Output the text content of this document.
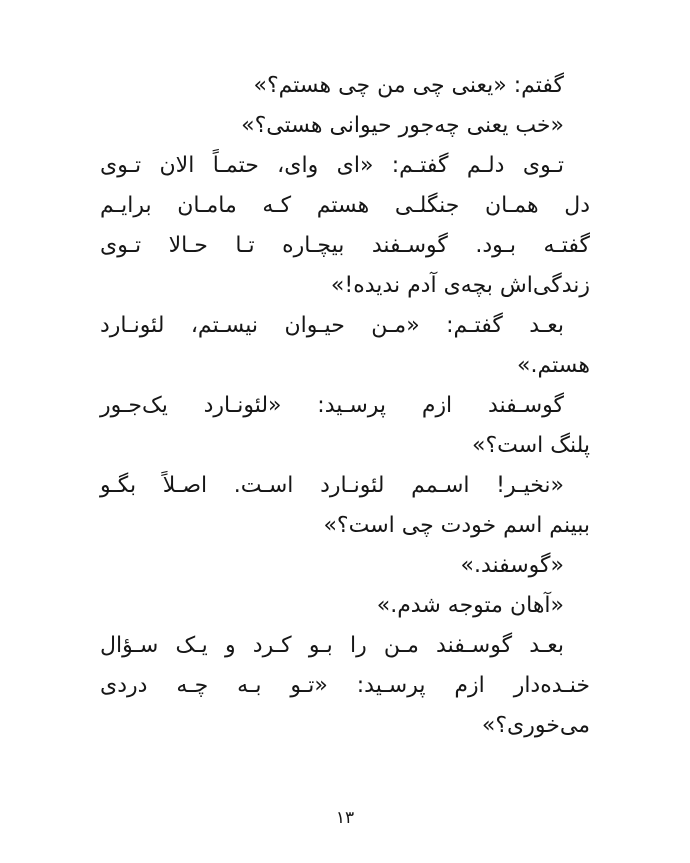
گفتم: «یعنی چی من چی هستم؟»
«خب یعنی چه‌جور حیوانی هستی؟»
تـوی دلـم گفتـم: «ای وای، حتمـاً الان تـوی
دل همـان جنگلـی هستم کـه مامـان برایـم
گفتـه بـود. گوسـفند بیچـاره تـا حـالا تـوی
زندگی‌اش بچه‌ی آدم ندیده!»
بعـد گفتـم: «مـن حیـوان نیسـتم، لئونـارد
هستم.»
گوسـفند ازم پرسـید: «لئونـارد یک‌جـور
پلنگ است؟»
«نخیـر! اسـمم لئونـارد اسـت. اصـلاً بگـو
ببینم اسم خودت چی است؟»
«گوسفند.»
«آهان متوجه شدم.»
بعـد گوسـفند مـن را بـو کـرد و یـک سـؤال
خنـده‌دار ازم پرسـید: «تـو بـه چـه دردی
می‌خوری؟»
۱۳
